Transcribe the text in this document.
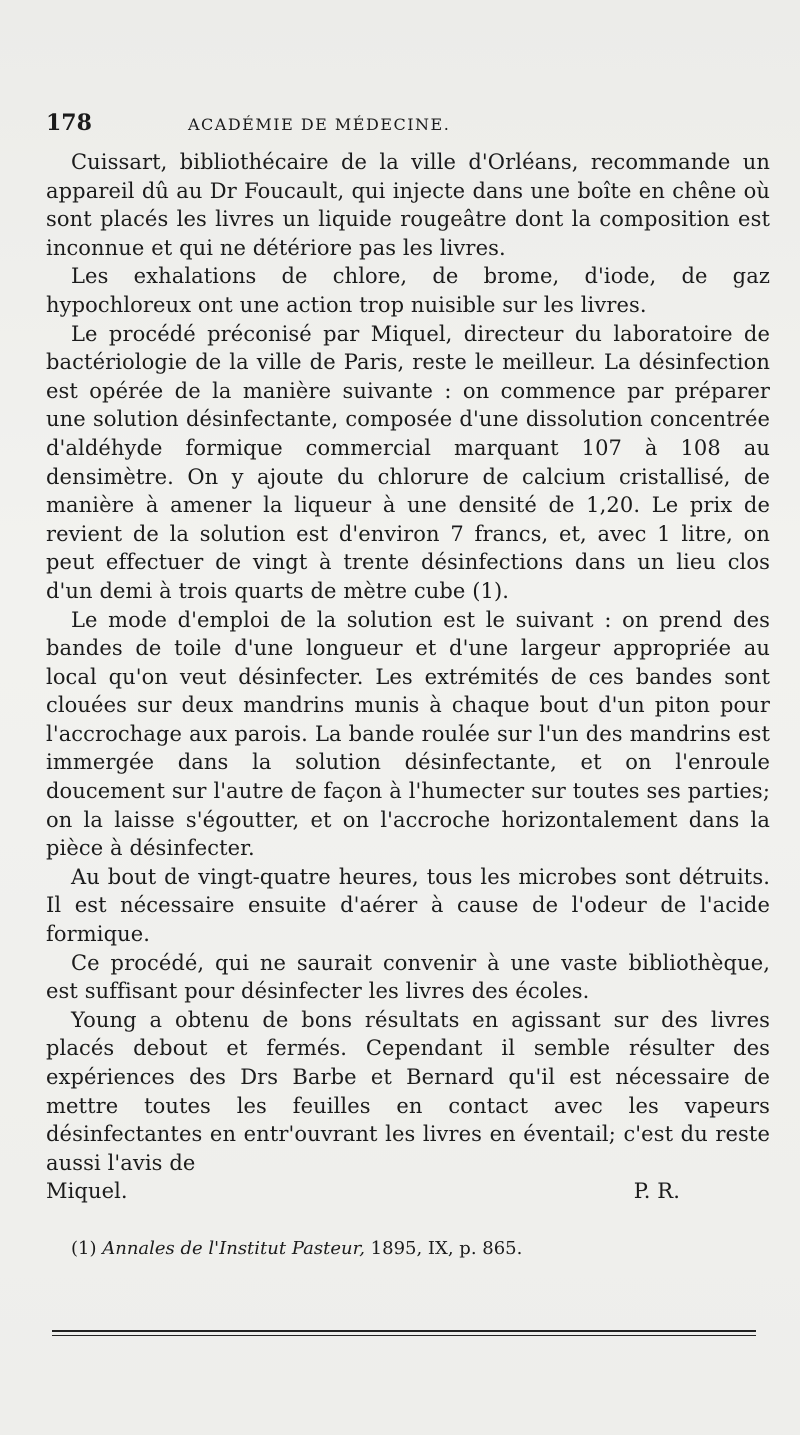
178	ACADÉMIE DE MÉDECINE.

Cuissart, bibliothécaire de la ville d'Orléans, recommande un appareil dû au Dr Foucault, qui injecte dans une boîte en chêne où sont placés les livres un liquide rougeâtre dont la composition est inconnue et qui ne détériore pas les livres.

Les exhalations de chlore, de brome, d'iode, de gaz hypochloreux ont une action trop nuisible sur les livres.

Le procédé préconisé par Miquel, directeur du laboratoire de bactériologie de la ville de Paris, reste le meilleur. La désinfection est opérée de la manière suivante : on commence par préparer une solution désinfectante, composée d'une dissolution concentrée d'aldéhyde formique commercial marquant 107 à 108 au densimètre. On y ajoute du chlorure de calcium cristallisé, de manière à amener la liqueur à une densité de 1,20. Le prix de revient de la solution est d'environ 7 francs, et, avec 1 litre, on peut effectuer de vingt à trente désinfections dans un lieu clos d'un demi à trois quarts de mètre cube (1).

Le mode d'emploi de la solution est le suivant : on prend des bandes de toile d'une longueur et d'une largeur appropriée au local qu'on veut désinfecter. Les extrémités de ces bandes sont clouées sur deux mandrins munis à chaque bout d'un piton pour l'accrochage aux parois. La bande roulée sur l'un des mandrins est immergée dans la solution désinfectante, et on l'enroule doucement sur l'autre de façon à l'humecter sur toutes ses parties; on la laisse s'égoutter, et on l'accroche horizontalement dans la pièce à désinfecter.

Au bout de vingt-quatre heures, tous les microbes sont détruits. Il est nécessaire ensuite d'aérer à cause de l'odeur de l'acide formique.

Ce procédé, qui ne saurait convenir à une vaste bibliothèque, est suffisant pour désinfecter les livres des écoles.

Young a obtenu de bons résultats en agissant sur des livres placés debout et fermés. Cependant il semble résulter des expériences des Drs Barbe et Bernard qu'il est nécessaire de mettre toutes les feuilles en contact avec les vapeurs désinfectantes en entr'ouvrant les livres en éventail; c'est du reste aussi l'avis de

Miquel.	P. R.
(1) Annales de l'Institut Pasteur, 1895, IX, p. 865.
